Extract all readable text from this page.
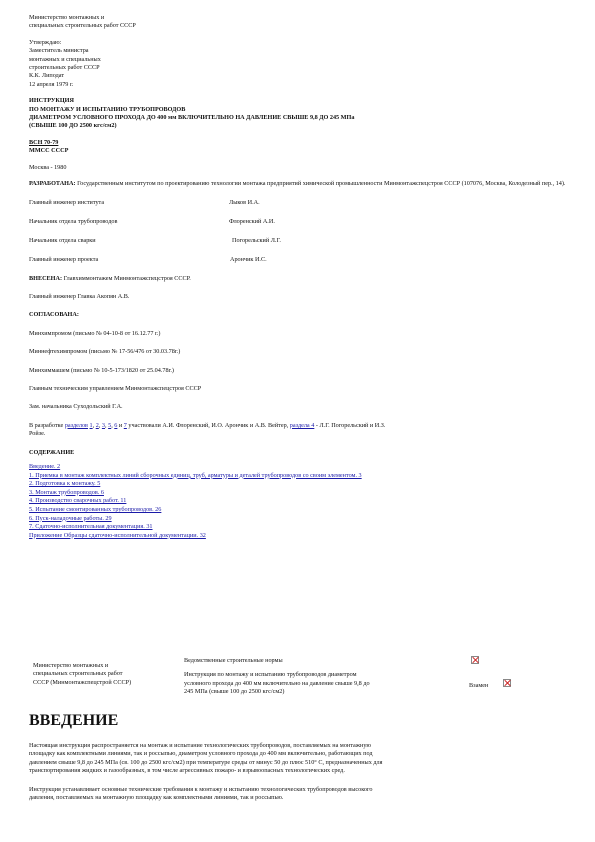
Министерство монтажных и

специальных строительных работ СССР

Утверждаю:

Заместитель министра

монтажных и специальных

строительных работ СССР

К.К. Липодат

12 апреля 1979 г.

ИНСТРУКЦИЯ

ПО МОНТАЖУ И ИСПЫТАНИЮ ТРУБОПРОВОДОВ

ДИАМЕТРОМ УСЛОВНОГО ПРОХОДА ДО 400 мм ВКЛЮЧИТЕЛЬНО НА ДАВЛЕНИЕ СВЫШЕ 9,8 ДО 245 МПа

(СВЫШЕ 100 ДО 2500 кгс/см2)

ВСН 70-79

ММСС СССР

Москва - 1980

РАЗРАБОТАНА: Государственным институтом по проектированию технологии монтажа предприятий химической промышленности Минмонтажспецстроя СССР (107076, Москва, Колодезный пер., 14).

Главный инженер института	Лыков И.А.
Начальник отдела трубопроводов	Флоренский А.И.
Начальник отдела сварки	Погорельский Л.Г.
Главный инженер проекта	Арончик И.С.

ВНЕСЕНА: Главхиммонтажем Минмонтажспецстроя СССР.

Главный инженер Главка Акопян А.В.

СОГЛАСОВАНА:

Минхимпромом (письмо № 04-10-8 от 16.12.77 г.)

Миннефтехимпромом (письмо № 17-56/476 от 30.03.78г.)

Минхиммашем (письмо № 10-5-173/1820 от 25.04.78г.)

Главным техническим управлением Минмонтажспецстроя СССР

Зам. начальника Суходольский Г.А.

В разработке разделов 1, 2, 3, 5, 6 и 7 участвовали А.И. Флоренский, И.О. Арончик и А.В. Вейтер, раздела 4 - Л.Г. Погорельский и И.З.

Ройзе.

СОДЕРЖАНИЕ

Введение. 2
1. Приемка в монтаж комплектных линий сборочных единиц, труб, арматуры и деталей трубопроводов со своим элементом. 3
2. Подготовка к монтажу. 5
3. Монтаж трубопроводов. 6
4. Производство сварочных работ. 11
5. Испытание смонтированных трубопроводов. 26
6. Пуск-наладочные работы. 29
7. Сдаточно-исполнительная документация. 31
Приложение Образцы сдаточно-исполнительной документации. 32

Министерство монтажных и

специальных строительных работ

СССР (Минмонтажспецстрой СССР)

Ведомственные строительные нормы

Инструкция по монтажу и испытанию трубопроводов диаметром

условного прохода до 400 мм включительно на давление свыше 9,8 до

245 МПа (свыше 100 до 2500 кгс/см2)

Взамен
ВВЕДЕНИЕ

Настоящая инструкция распространяется на монтаж и испытание технологических трубопроводов, поставляемых на монтажную

площадку как комплектными линиями, так и россыпью, диаметром условного прохода до 400 мм включительно, работающих под

давлением свыше 9,8 до 245 МПа (св. 100 до 2500 кгс/см2) при температуре среды от минус 50 до плюс 510° С, предназначенных для

транспортирования жидких и газообразных, в том числе агрессивных пожаро- и взрывоопасных технологических сред.

Инструкция устанавливает основные технические требования к монтажу и испытанию технологических трубопроводов высокого

давления, поставляемых на монтажную площадку как комплектными линиями, так и россыпью.
